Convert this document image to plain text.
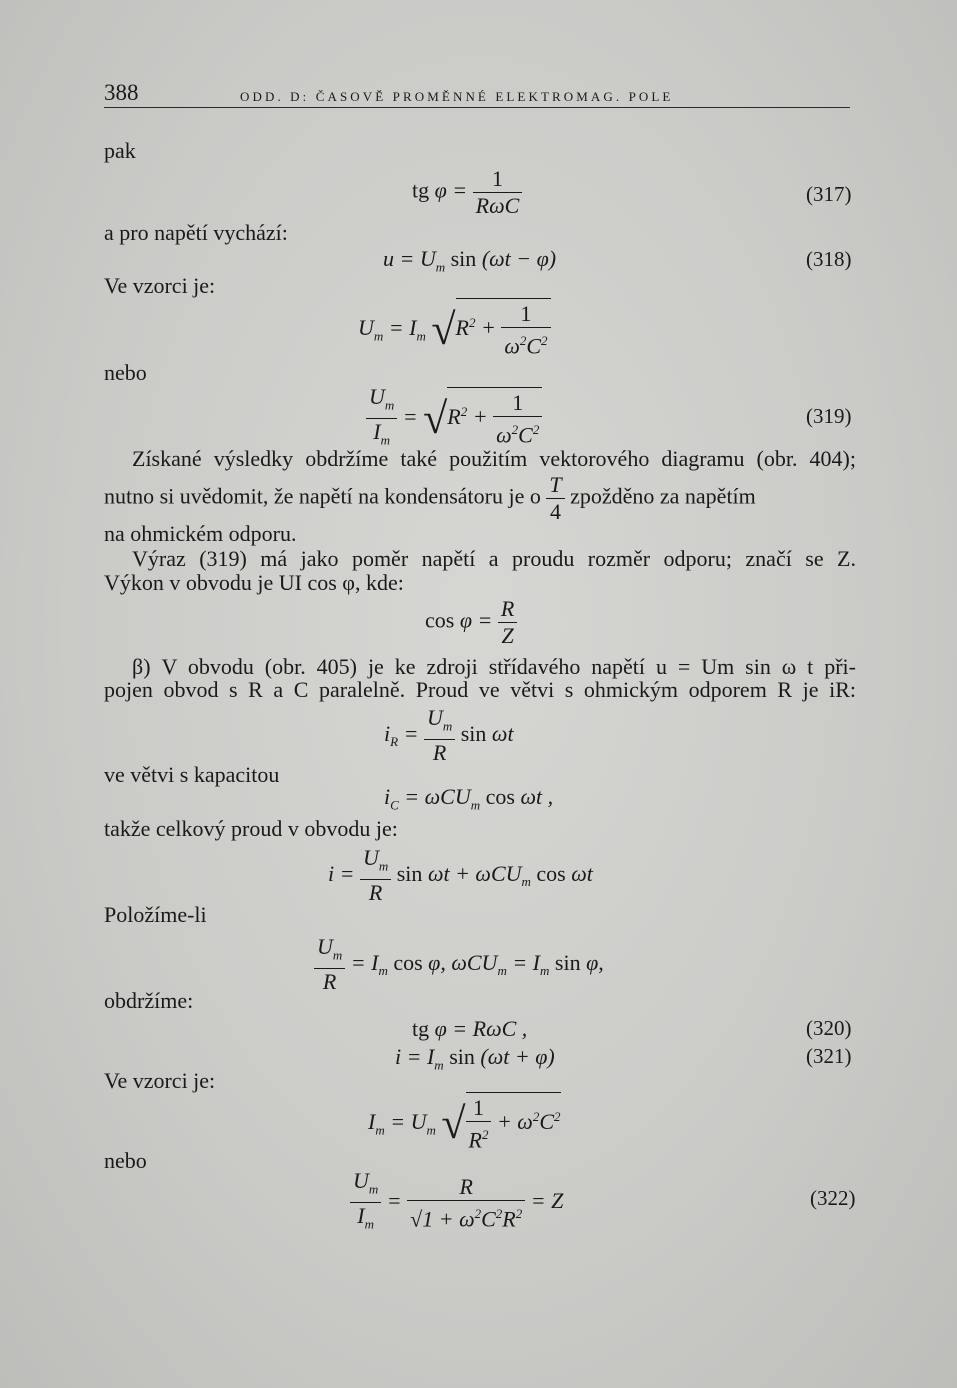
388	ODD. D: ČASOVĚ PROMĚNNÉ ELEKTROMAG. POLE
pak
tg $\varphi = \frac{1}{\text{RωC}}$	(317)
a pro napětí vychází:
$u = U_m$ sin (ωt − φ)	(318)
Ve vzorci je:
$U_m = I_m$ $√R^2 + \frac{1}{\omega^2C^2}$
nebo
$\frac{U_m}{I_m} = √R^2 + \frac{1}{\omega^2C^2}$	(319)
Získané výsledky obdržíme také použitím vektorového diagramu (obr. 404);
nutno si uvědomit, že napětí na kondensátoru je o $\frac{T}{4}$ zpožděno za napětím
na ohmickém odporu.
Výraz (319) má jako poměr napětí a proudu rozměr odporu; značí se Z.
Výkon v obvodu je UI cos φ, kde:
$\cos \varphi = \frac{R}{Z}$
β) V obvodu (obr. 405) je ke zdroji střídavého napětí u = Um sin ω t při-
pojen obvod s R a C paralelně. Proud ve větvi s ohmickým odporem R je iR:
$i_R = \frac{U_m}{R}$ sin ωt
ve větvi s kapacitou
$i_C = \omega CU_m$ cos ωt ,
takže celkový proud v obvodu je:
$i = \frac{U_m}{R}$ sin ωt + ωCU$_m$ cos ωt
Položíme-li
$\frac{U_m}{R} = I_m$ cos φ, $\omega CU_m = I_m$ sin φ,
obdržíme:
tg φ = RωC ,	(320)
$i = I_m$ sin (ωt + φ)	(321)
Ve vzorci je:
$I_m = U_m$ √ $\frac{1}{R^2} + \omega^2C^2$
nebo
$\frac{U_m}{I_m} = \frac{R}{√1 + \omega^2C^2R^2} = Z$	(322)
